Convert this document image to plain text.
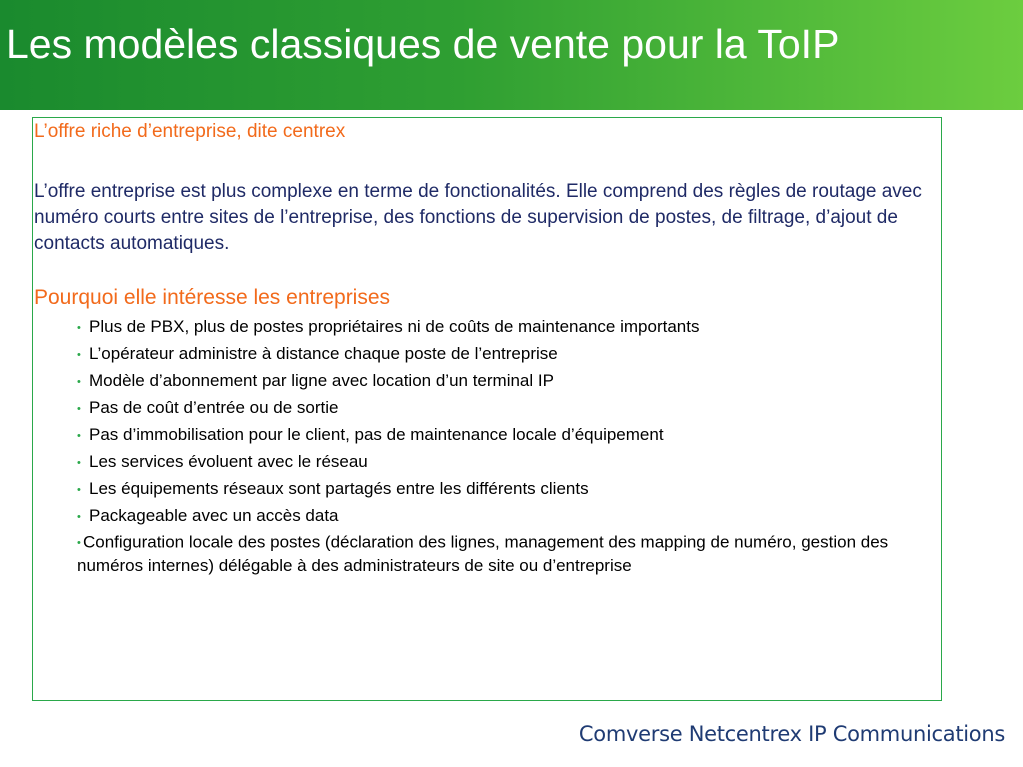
Les modèles classiques de vente pour la ToIP
L’offre riche d’entreprise, dite centrex

L’offre entreprise est plus complexe en terme de fonctionalités. Elle comprend des règles de routage avec numéro courts entre sites de l’entreprise, des fonctions de supervision de postes, de filtrage, d’ajout de contacts automatiques.

Pourquoi elle intéresse les entreprises
• Plus de PBX, plus de postes propriétaires ni de coûts de maintenance importants
• L’opérateur administre à distance chaque poste de l’entreprise
• Modèle d’abonnement par ligne avec location d’un terminal IP
• Pas de coût d’entrée ou de sortie
• Pas d’immobilisation pour le client, pas de maintenance locale d’équipement
• Les services évoluent avec le réseau
• Les équipements réseaux sont partagés entre les différents clients
• Packageable avec un accès data
• Configuration locale des postes (déclaration des lignes, management des mapping de numéro, gestion des numéros internes) délégable à des administrateurs de site ou d’entreprise

Comverse Netcentrex IP Communications
